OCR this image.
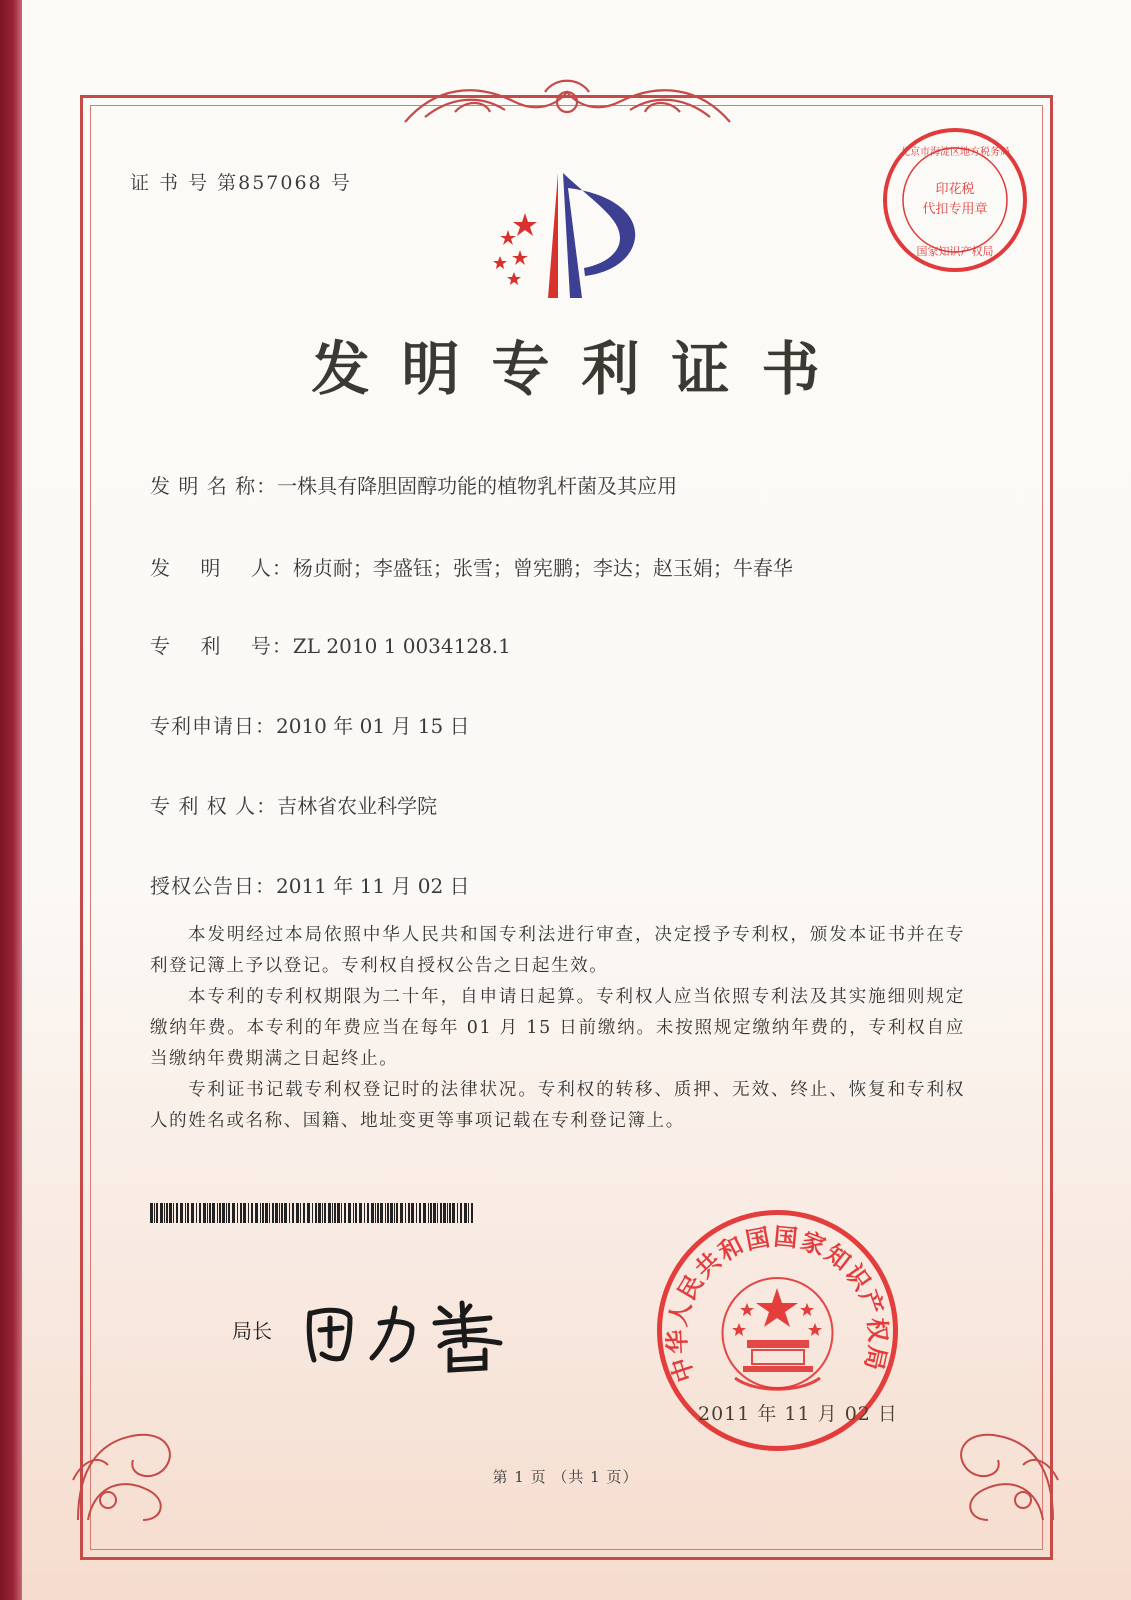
证 书 号 第857068 号	印花税
代扣专用章
北京市海淀区地方税务局
国家知识产权局
发明专利证书
发 明 名 称：一株具有降胆固醇功能的植物乳杆菌及其应用
发    明    人：杨贞耐；李盛钰；张雪；曾宪鹏；李达；赵玉娟；牛春华
专    利    号：ZL 2010 1 0034128.1
专利申请日：2010 年 01 月 15 日
专 利 权 人：吉林省农业科学院
授权公告日：2011 年 11 月 02 日

本发明经过本局依照中华人民共和国专利法进行审查，决定授予专利权，颁发本证书并在专利登记簿上予以登记。专利权自授权公告之日起生效。

本专利的专利权期限为二十年，自申请日起算。专利权人应当依照专利法及其实施细则规定缴纳年费。本专利的年费应当在每年 01 月 15 日前缴纳。未按照规定缴纳年费的，专利权自应当缴纳年费期满之日起终止。

专利证书记载专利权登记时的法律状况。专利权的转移、质押、无效、终止、恢复和专利权人的姓名或名称、国籍、地址变更等事项记载在专利登记簿上。

局长
中华人民共和国国家知识产权局
2011 年 11 月 02 日
第 1 页 （共 1 页）
